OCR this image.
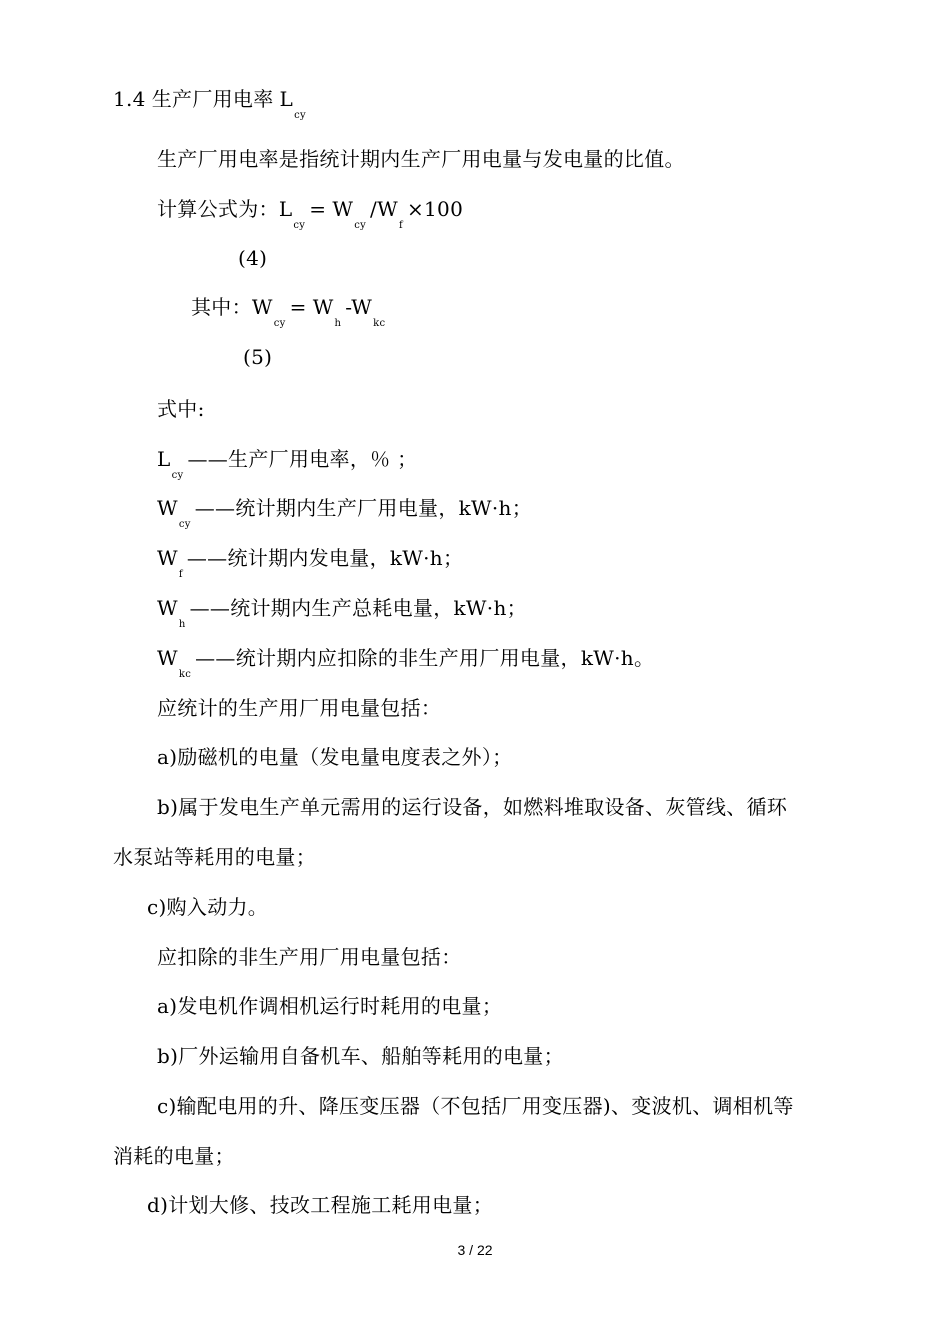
1.4 生产厂用电率 Lcy
生产厂用电率是指统计期内生产厂用电量与发电量的比值。
计算公式为：Lcy= Wcy/Wf×100
(4)
其中：Wcy= Wh-Wkc
(5)
式中:
Lcy——生产厂用电率，％ ；
Wcy——统计期内生产厂用电量，kW·h；
Wf——统计期内发电量，kW·h；
Wh——统计期内生产总耗电量，kW·h；
Wkc——统计期内应扣除的非生产用厂用电量，kW·h。
应统计的生产用厂用电量包括：
a)励磁机的电量（发电量电度表之外）；
b)属于发电生产单元需用的运行设备，如燃料堆取设备、灰管线、循环
水泵站等耗用的电量；
c)购入动力。
应扣除的非生产用厂用电量包括：
a)发电机作调相机运行时耗用的电量；
b)厂外运输用自备机车、船舶等耗用的电量；
c)输配电用的升、降压变压器（不包括厂用变压器)、变波机、调相机等
消耗的电量；
d)计划大修、技改工程施工耗用电量；
3 / 22
